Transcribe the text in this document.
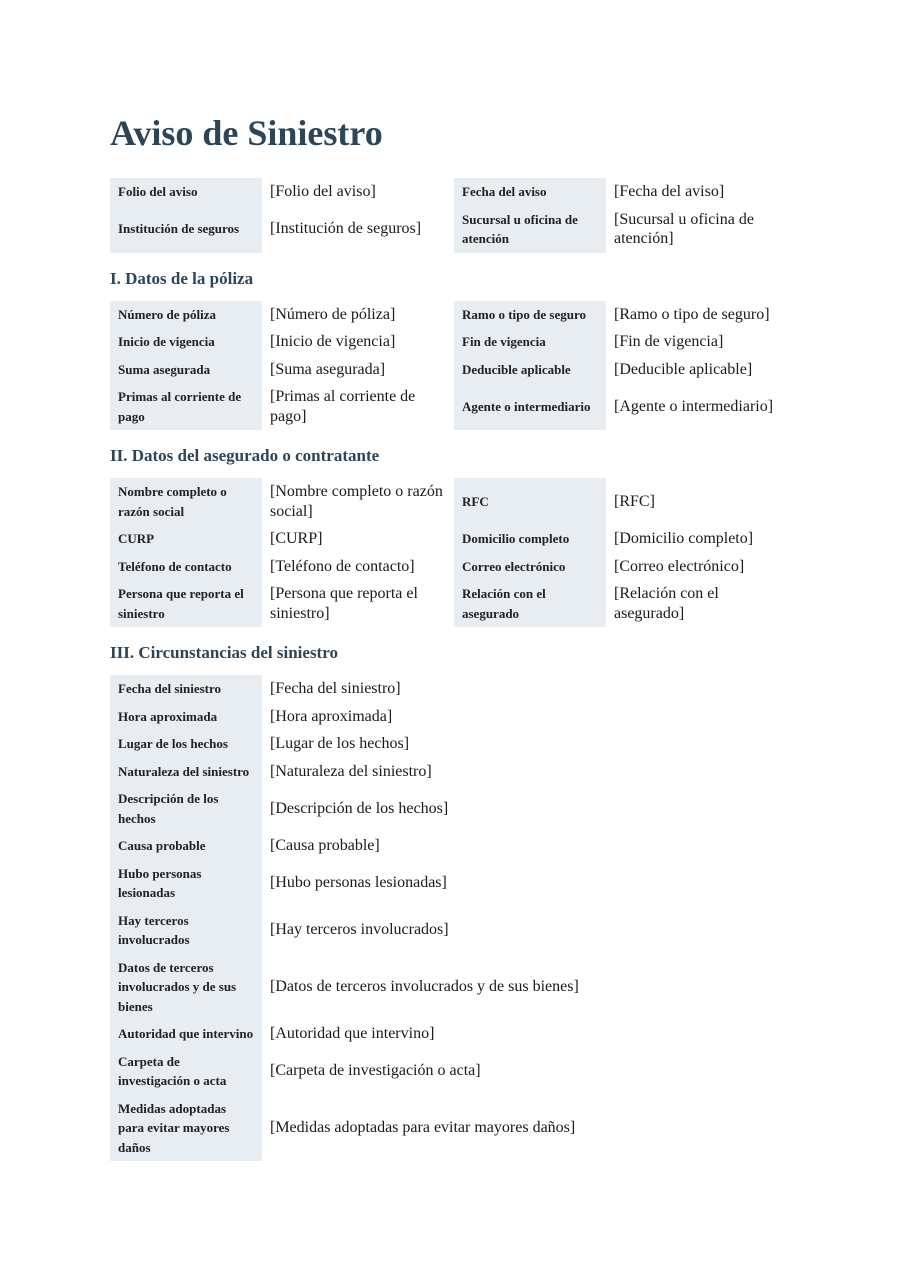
Aviso de Siniestro
Folio del aviso	[Folio del aviso]	Fecha del aviso	[Fecha del aviso]
Institución de seguros	[Institución de seguros]	Sucursal u oficina de atención	[Sucursal u oficina de atención]
I. Datos de la póliza
Número de póliza	[Número de póliza]	Ramo o tipo de seguro	[Ramo o tipo de seguro]
Inicio de vigencia	[Inicio de vigencia]	Fin de vigencia	[Fin de vigencia]
Suma asegurada	[Suma asegurada]	Deducible aplicable	[Deducible aplicable]
Primas al corriente de pago	[Primas al corriente de pago]	Agente o intermediario	[Agente o intermediario]
II. Datos del asegurado o contratante
Nombre completo o razón social	[Nombre completo o razón social]	RFC	[RFC]
CURP	[CURP]	Domicilio completo	[Domicilio completo]
Teléfono de contacto	[Teléfono de contacto]	Correo electrónico	[Correo electrónico]
Persona que reporta el siniestro	[Persona que reporta el siniestro]	Relación con el asegurado	[Relación con el asegurado]
III. Circunstancias del siniestro
Fecha del siniestro	[Fecha del siniestro]
Hora aproximada	[Hora aproximada]
Lugar de los hechos	[Lugar de los hechos]
Naturaleza del siniestro	[Naturaleza del siniestro]
Descripción de los hechos	[Descripción de los hechos]
Causa probable	[Causa probable]
Hubo personas lesionadas	[Hubo personas lesionadas]
Hay terceros involucrados	[Hay terceros involucrados]
Datos de terceros involucrados y de sus bienes	[Datos de terceros involucrados y de sus bienes]
Autoridad que intervino	[Autoridad que intervino]
Carpeta de investigación o acta	[Carpeta de investigación o acta]
Medidas adoptadas para evitar mayores daños	[Medidas adoptadas para evitar mayores daños]
